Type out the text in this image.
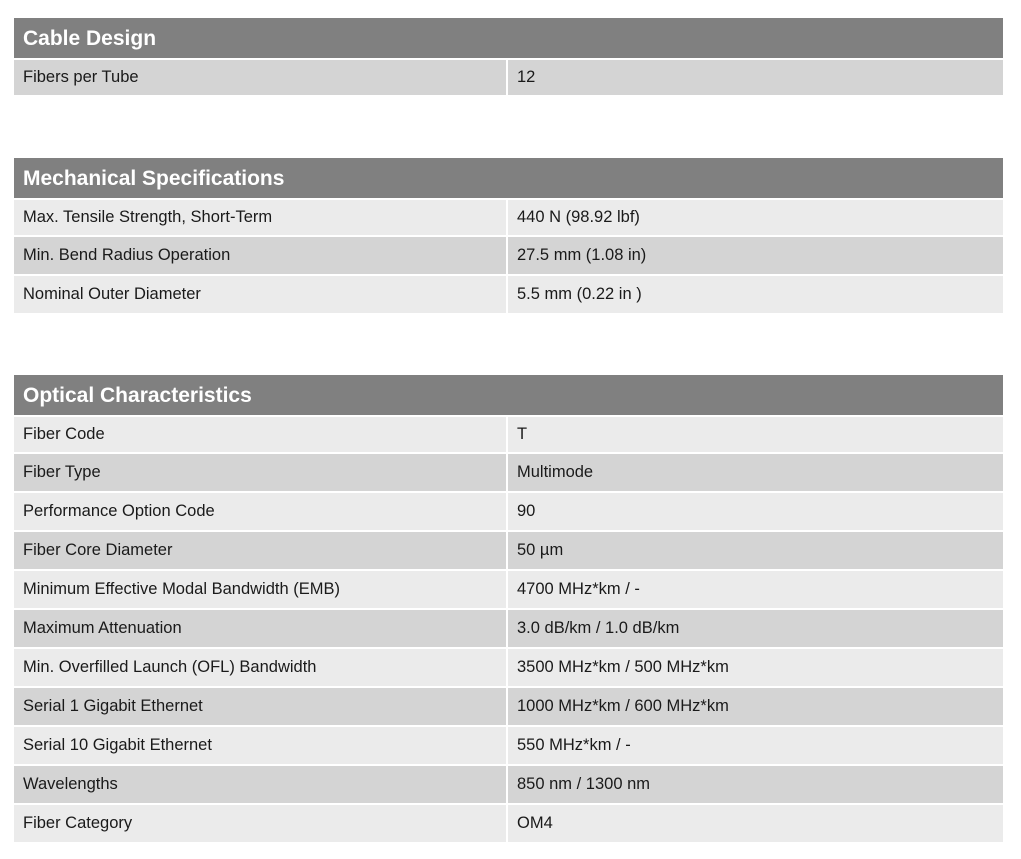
Cable Design
Fibers per Tube	12
Mechanical Specifications
Max. Tensile Strength, Short-Term	440 N (98.92 lbf)
Min. Bend Radius Operation	27.5 mm (1.08 in)
Nominal Outer Diameter	5.5 mm (0.22 in )
Optical Characteristics
Fiber Code	T
Fiber Type	Multimode
Performance Option Code	90
Fiber Core Diameter	50 µm
Minimum Effective Modal Bandwidth (EMB)	4700 MHz*km / -
Maximum Attenuation	3.0 dB/km / 1.0 dB/km
Min. Overfilled Launch (OFL) Bandwidth	3500 MHz*km / 500 MHz*km
Serial 1 Gigabit Ethernet	1000 MHz*km / 600 MHz*km
Serial 10 Gigabit Ethernet	550 MHz*km / -
Wavelengths	850 nm / 1300 nm
Fiber Category	OM4
